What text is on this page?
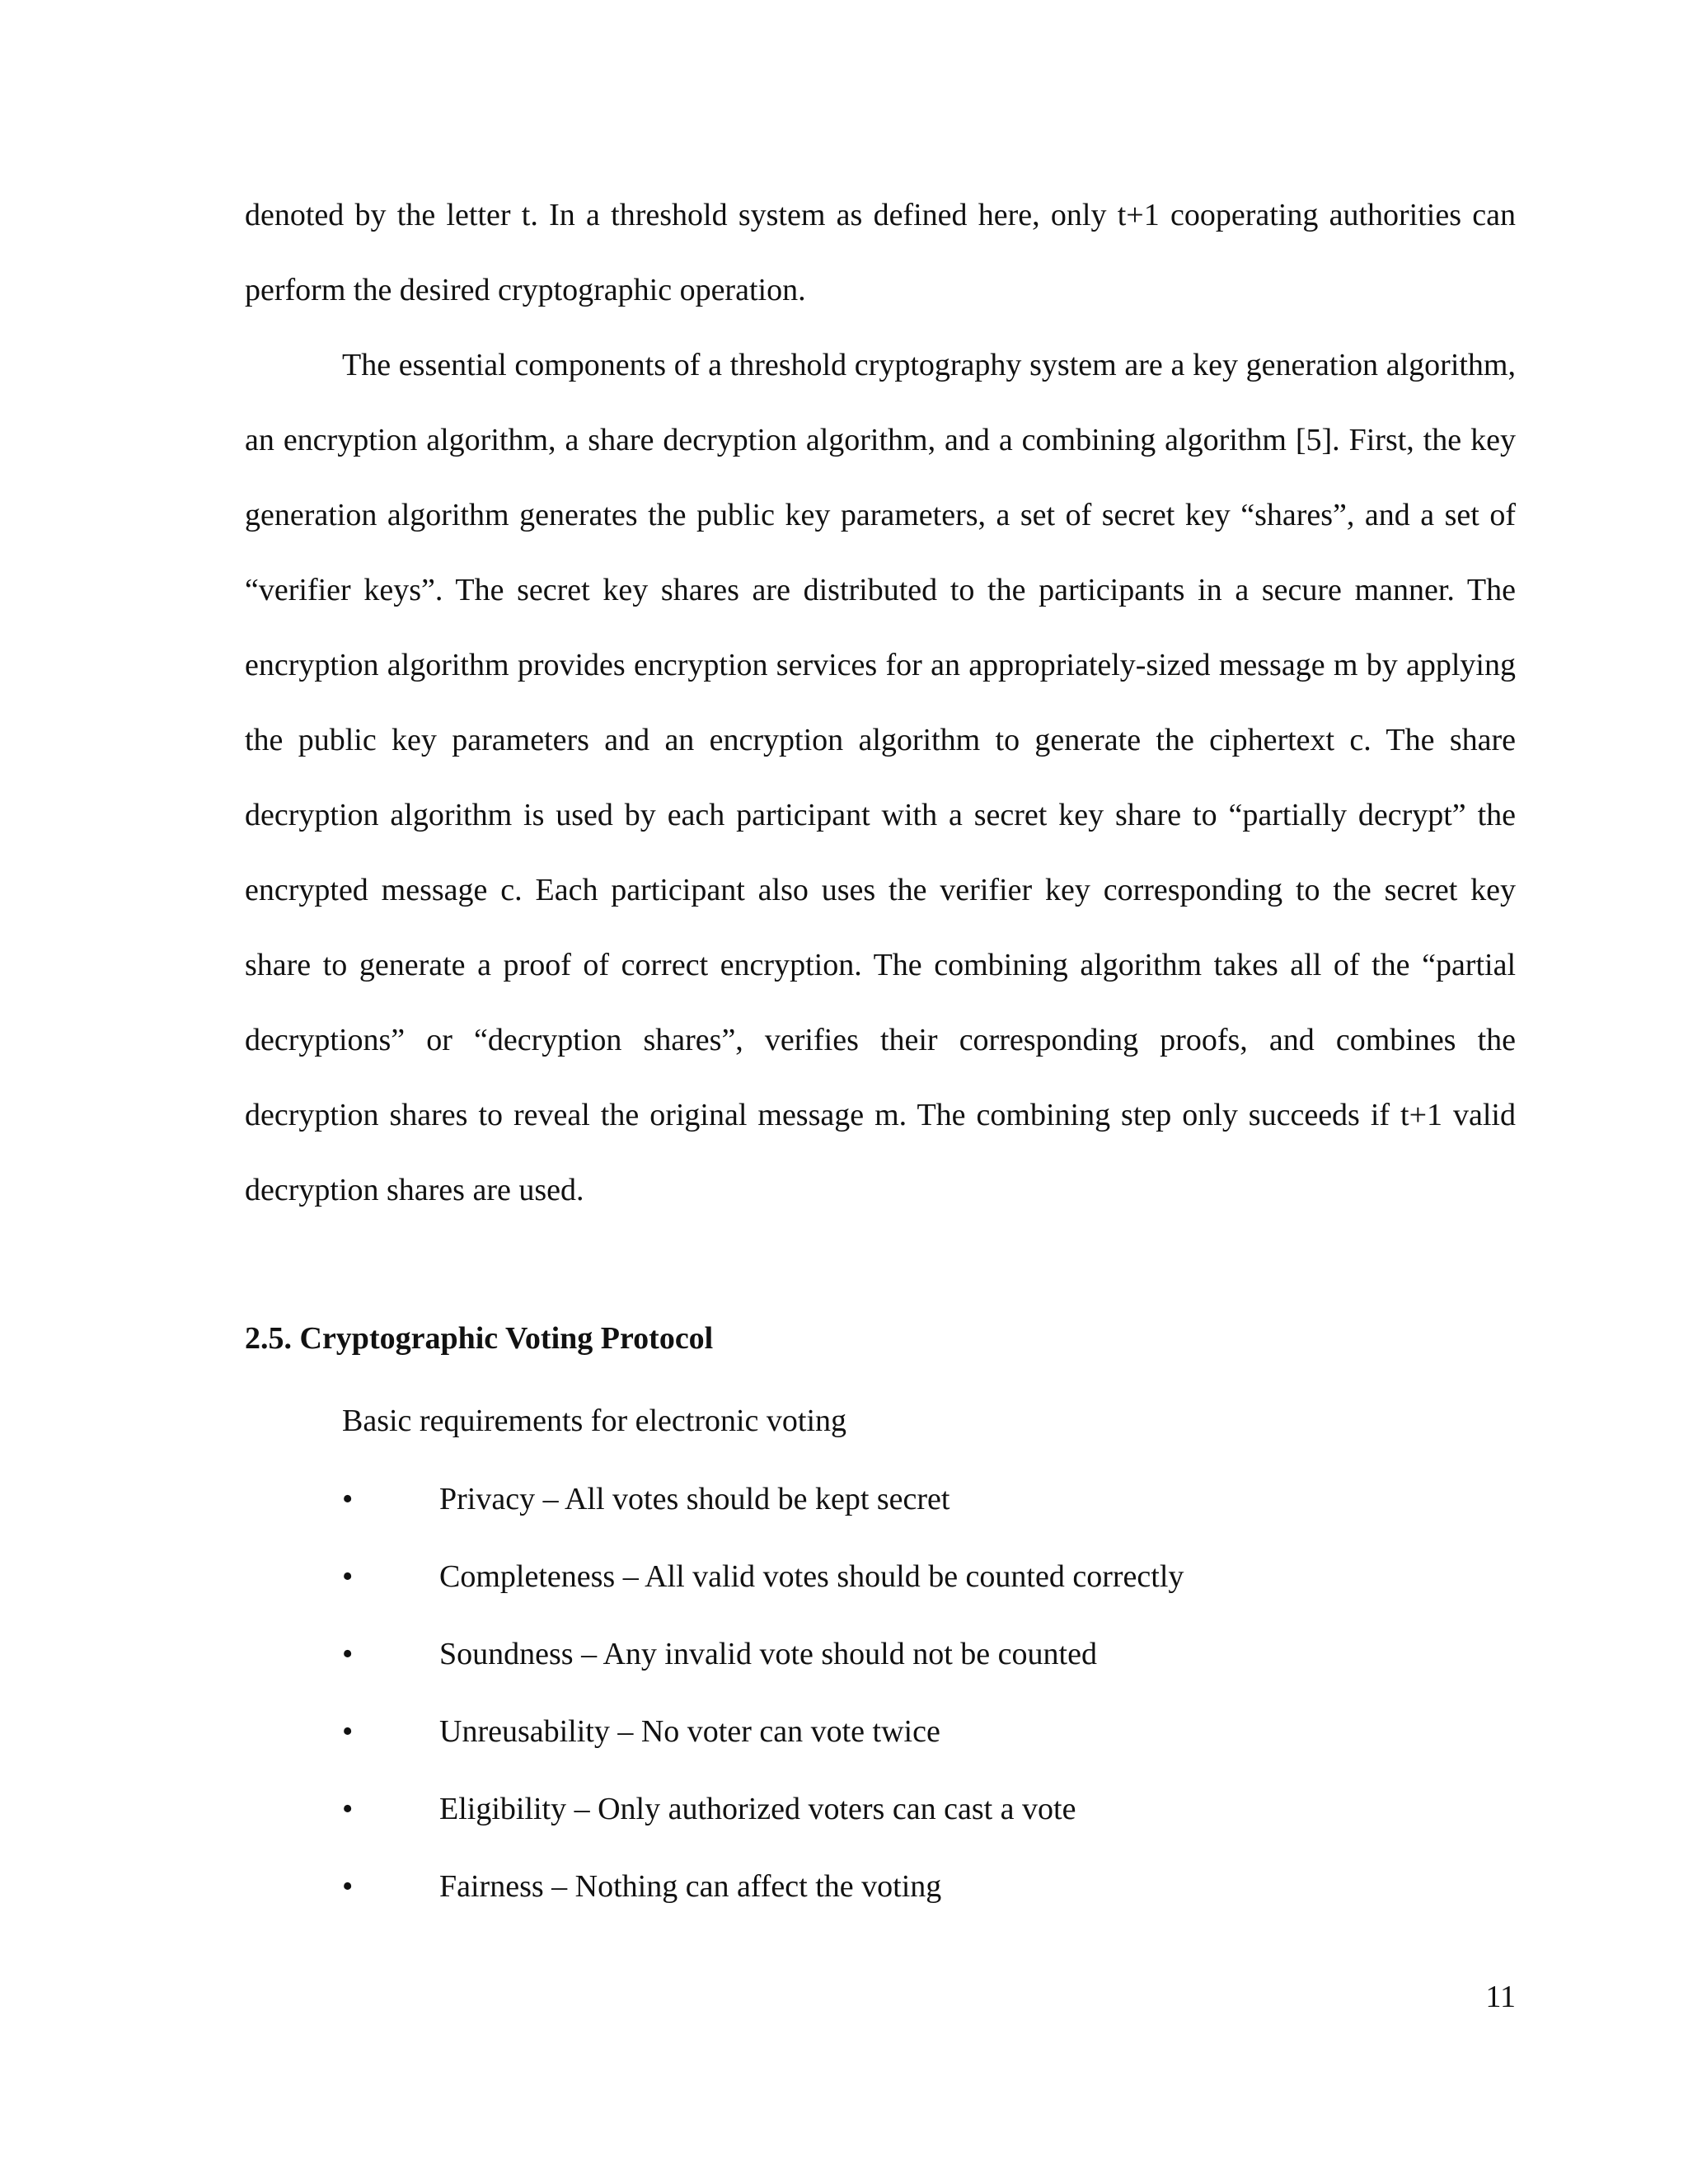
denoted by the letter t. In a threshold system as defined here, only t+1 cooperating authorities can perform the desired cryptographic operation.

The essential components of a threshold cryptography system are a key generation algorithm, an encryption algorithm, a share decryption algorithm, and a combining algorithm [5]. First, the key generation algorithm generates the public key parameters, a set of secret key “shares”, and a set of “verifier keys”. The secret key shares are distributed to the participants in a secure manner. The encryption algorithm provides encryption services for an appropriately-sized message m by applying the public key parameters and an encryption algorithm to generate the ciphertext c. The share decryption algorithm is used by each participant with a secret key share to “partially decrypt” the encrypted message c. Each participant also uses the verifier key corresponding to the secret key share to generate a proof of correct encryption. The combining algorithm takes all of the “partial decryptions” or “decryption shares”, verifies their corresponding proofs, and combines the decryption shares to reveal the original message m. The combining step only succeeds if t+1 valid decryption shares are used.

2.5. Cryptographic Voting Protocol

Basic requirements for electronic voting

•	Privacy – All votes should be kept secret
•	Completeness – All valid votes should be counted correctly
•	Soundness – Any invalid vote should not be counted
•	Unreusability – No voter can vote twice
•	Eligibility – Only authorized voters can cast a vote
•	Fairness – Nothing can affect the voting
11
